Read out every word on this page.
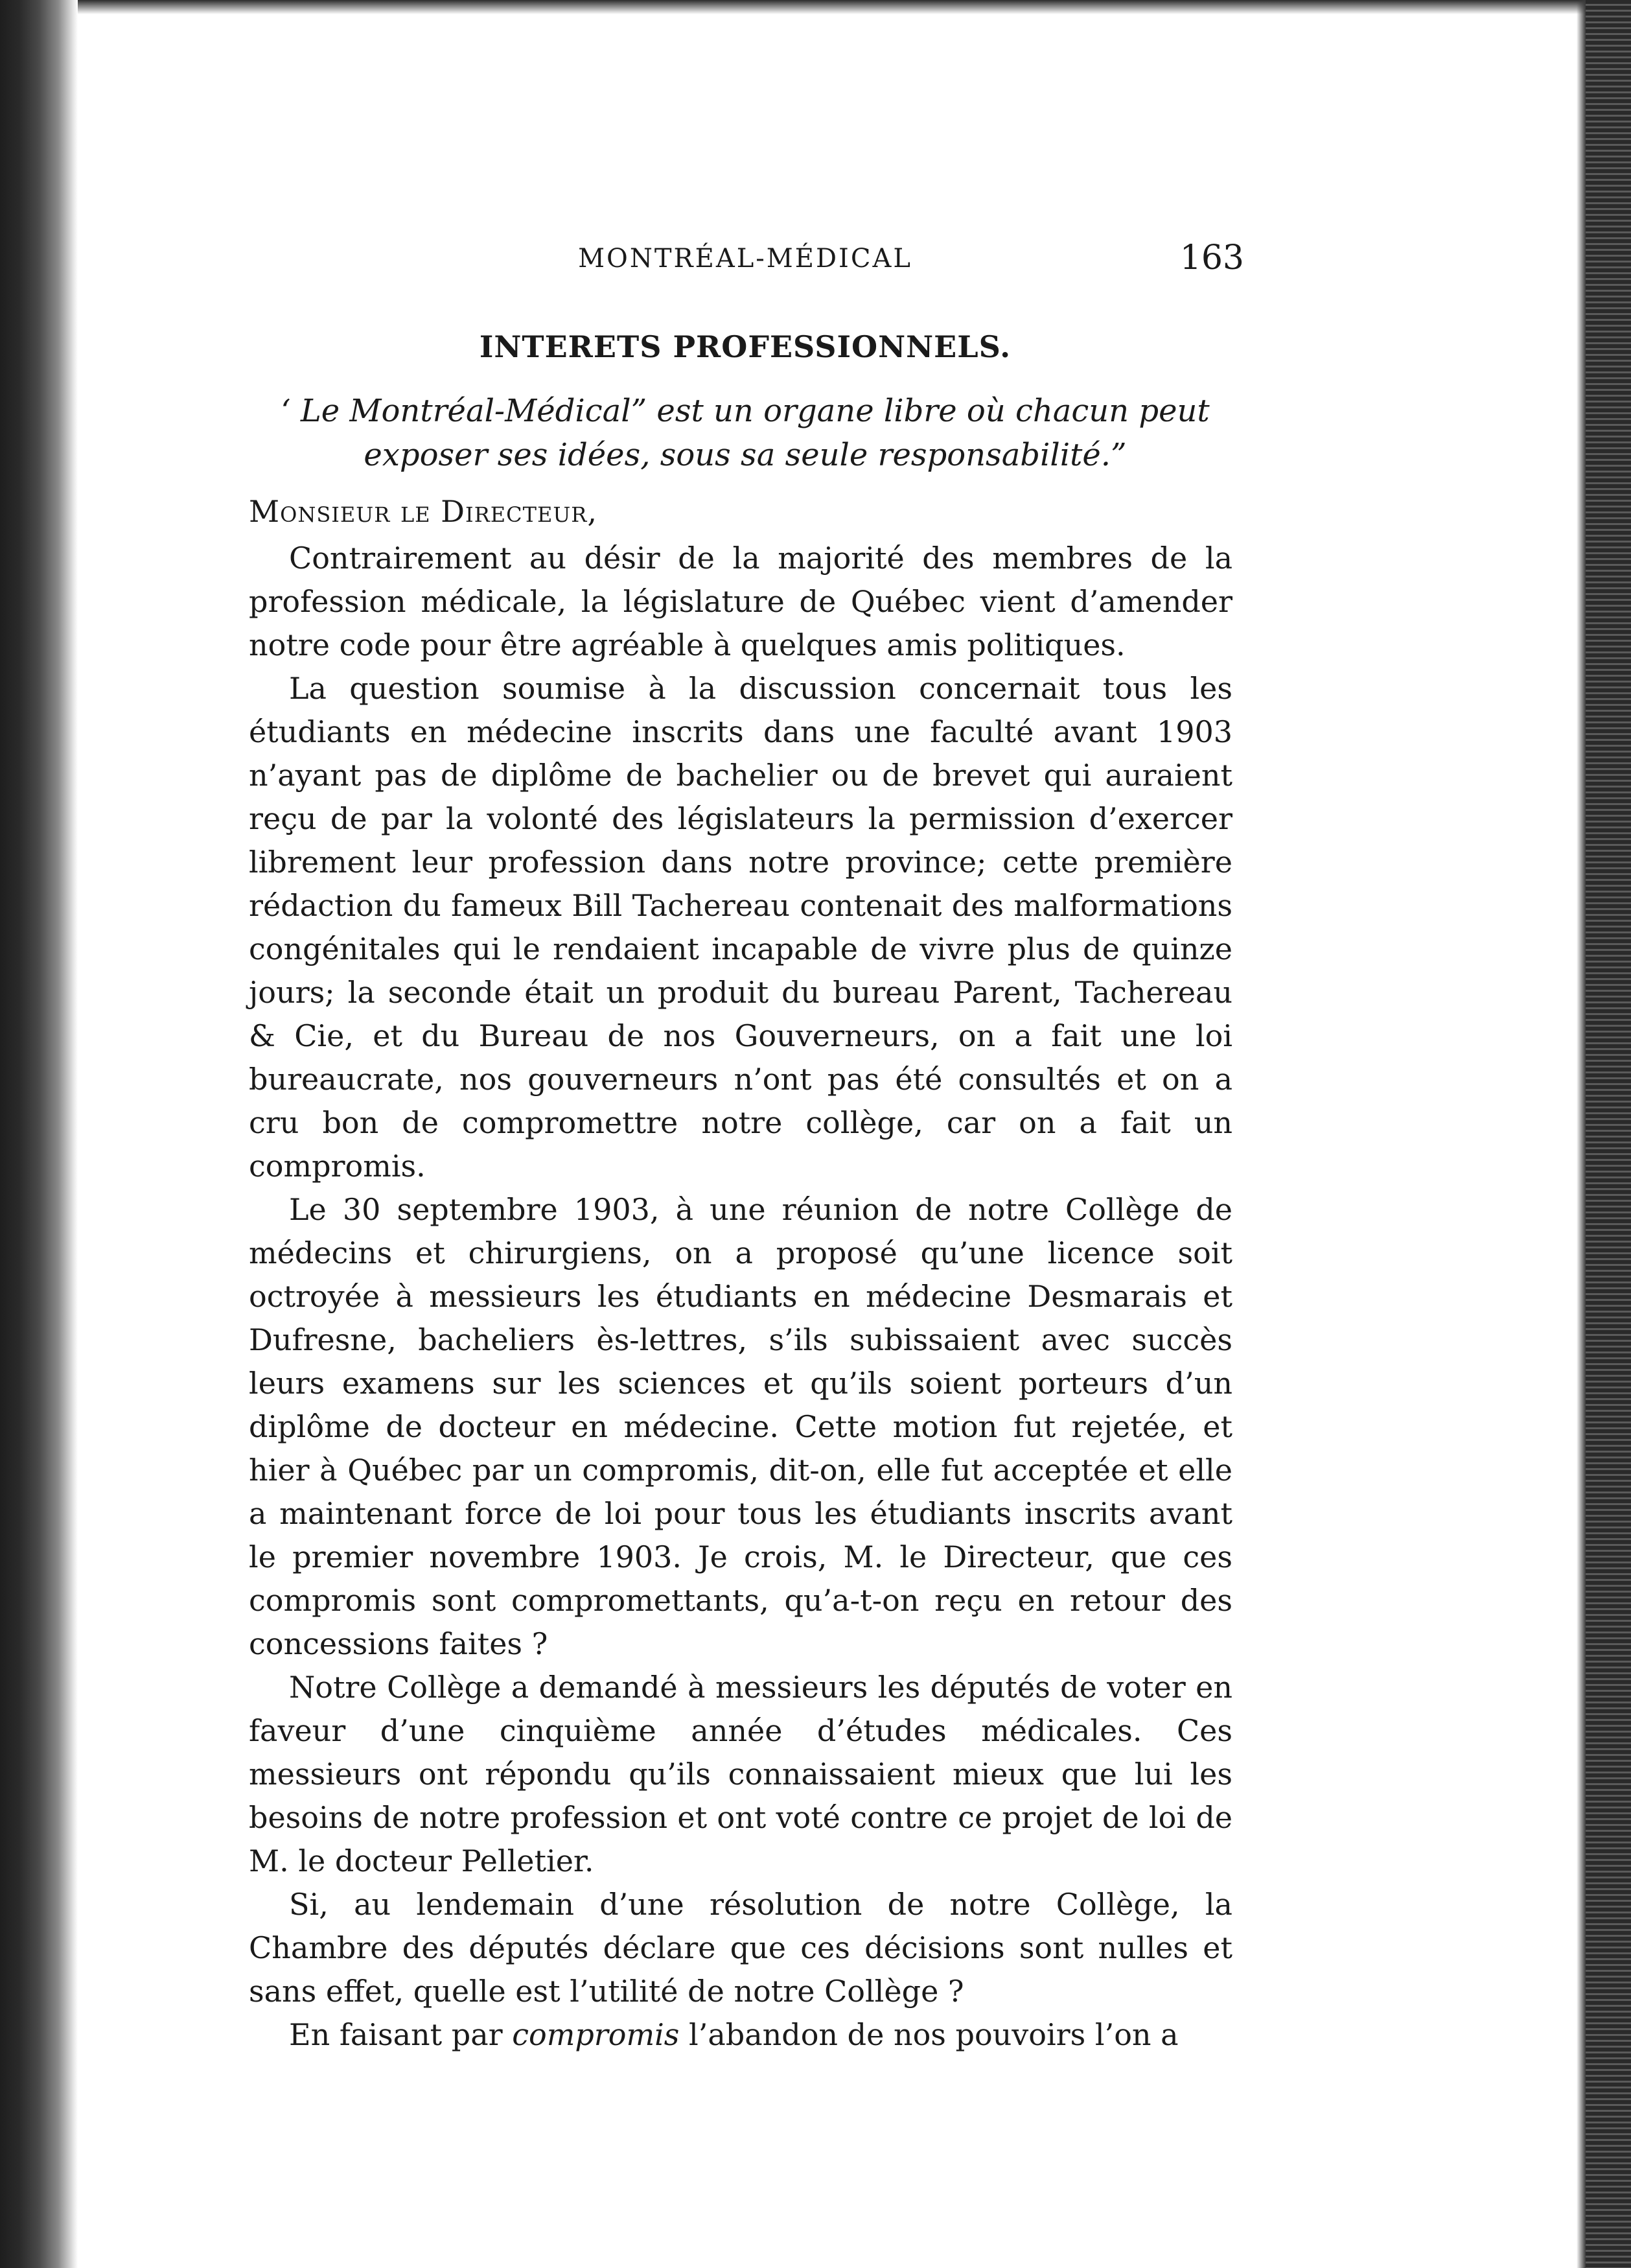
MONTRÉAL-MÉDICAL	163
INTERETS PROFESSIONNELS.
‘ Le Montréal-Médical” est un organe libre où chacun peut
exposer ses idées, sous sa seule responsabilité.”
Monsieur le Directeur,

Contrairement au désir de la majorité des membres de la profession médicale, la législature de Québec vient d’amender notre code pour être agréable à quelques amis politiques.

La question soumise à la discussion concernait tous les étudiants en médecine inscrits dans une faculté avant 1903 n’ayant pas de diplôme de bachelier ou de brevet qui auraient reçu de par la volonté des législateurs la permission d’exercer librement leur profession dans notre province; cette première rédaction du fameux Bill Tachereau contenait des malformations congénitales qui le rendaient incapable de vivre plus de quinze jours; la seconde était un produit du bureau Parent, Tachereau & Cie, et du Bureau de nos Gouverneurs, on a fait une loi bureaucrate, nos gouverneurs n’ont pas été consultés et on a cru bon de compromettre notre collège, car on a fait un compromis.

Le 30 septembre 1903, à une réunion de notre Collège de médecins et chirurgiens, on a proposé qu’une licence soit octroyée à messieurs les étudiants en médecine Desmarais et Dufresne, bacheliers ès-lettres, s’ils subissaient avec succès leurs examens sur les sciences et qu’ils soient porteurs d’un diplôme de docteur en médecine. Cette motion fut rejetée, et hier à Québec par un compromis, dit-on, elle fut acceptée et elle a maintenant force de loi pour tous les étudiants inscrits avant le premier novembre 1903. Je crois, M. le Directeur, que ces compromis sont compromettants, qu’a-t-on reçu en retour des concessions faites ?

Notre Collège a demandé à messieurs les députés de voter en faveur d’une cinquième année d’études médicales. Ces messieurs ont répondu qu’ils connaissaient mieux que lui les besoins de notre profession et ont voté contre ce projet de loi de M. le docteur Pelletier.

Si, au lendemain d’une résolution de notre Collège, la Chambre des députés déclare que ces décisions sont nulles et sans effet, quelle est l’utilité de notre Collège ?

En faisant par compromis l’abandon de nos pouvoirs l’on a
